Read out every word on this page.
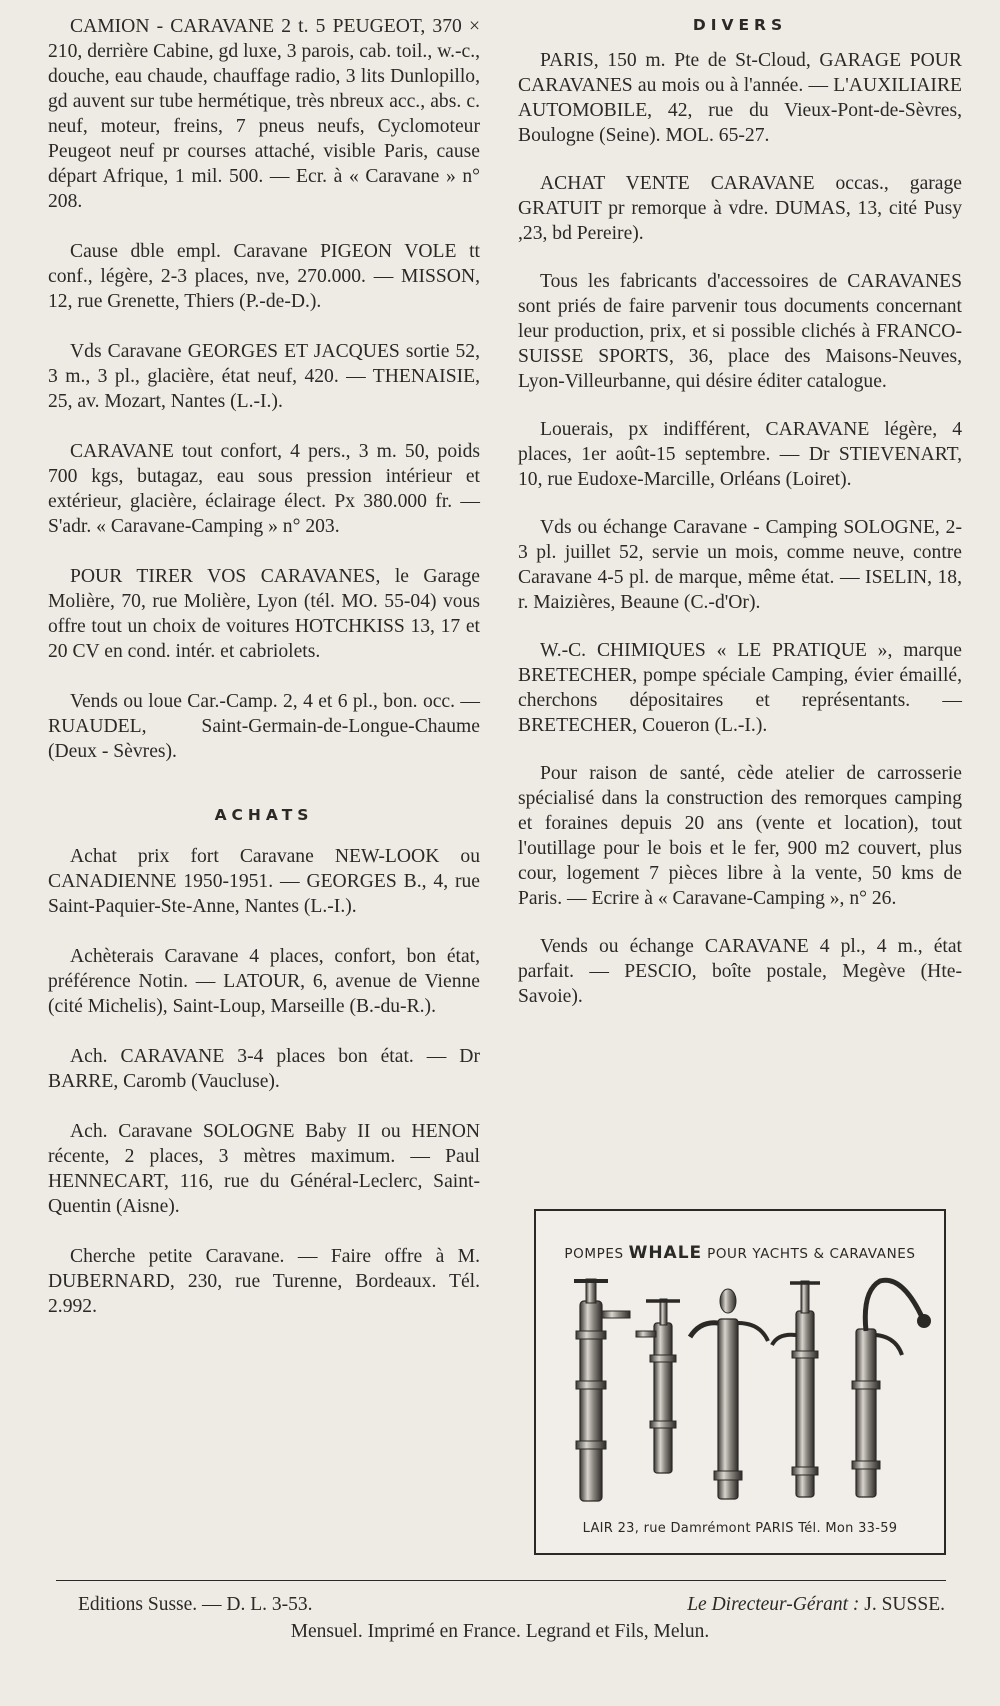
CAMION - CARAVANE 2 t. 5 PEUGEOT, 370 × 210, derrière Cabine, gd luxe, 3 parois, cab. toil., w.-c., douche, eau chaude, chauffage radio, 3 lits Dunlopillo, gd auvent sur tube hermétique, très nbreux acc., abs. c. neuf, moteur, freins, 7 pneus neufs, Cyclomoteur Peugeot neuf pr courses attaché, visible Paris, cause départ Afrique, 1 mil. 500. — Ecr. à « Caravane » n° 208.

Cause dble empl. Caravane PIGEON VOLE tt conf., légère, 2-3 places, nve, 270.000. — MISSON, 12, rue Grenette, Thiers (P.-de-D.).

Vds Caravane GEORGES ET JACQUES sortie 52, 3 m., 3 pl., glacière, état neuf, 420. — THENAISIE, 25, av. Mozart, Nantes (L.-I.).

CARAVANE tout confort, 4 pers., 3 m. 50, poids 700 kgs, butagaz, eau sous pression intérieur et extérieur, glacière, éclairage élect. Px 380.000 fr. — S'adr. « Caravane-Camping » n° 203.

POUR TIRER VOS CARAVANES, le Garage Molière, 70, rue Molière, Lyon (tél. MO. 55-04) vous offre tout un choix de voitures HOTCHKISS 13, 17 et 20 CV en cond. intér. et cabriolets.

Vends ou loue Car.-Camp. 2, 4 et 6 pl., bon. occ. — RUAUDEL, Saint-Germain-de-Longue-Chaume (Deux - Sèvres).

ACHATS

Achat prix fort Caravane NEW-LOOK ou CANADIENNE 1950-1951. — GEORGES B., 4, rue Saint-Paquier-Ste-Anne, Nantes (L.-I.).

Achèterais Caravane 4 places, confort, bon état, préférence Notin. — LATOUR, 6, avenue de Vienne (cité Michelis), Saint-Loup, Marseille (B.-du-R.).

Ach. CARAVANE 3-4 places bon état. — Dr BARRE, Caromb (Vaucluse).

Ach. Caravane SOLOGNE Baby II ou HENON récente, 2 places, 3 mètres maximum. — Paul HENNECART, 116, rue du Général-Leclerc, Saint-Quentin (Aisne).

Cherche petite Caravane. — Faire offre à M. DUBERNARD, 230, rue Turenne, Bordeaux. Tél. 2.992.

DIVERS

PARIS, 150 m. Pte de St-Cloud, GARAGE POUR CARAVANES au mois ou à l'année. — L'AUXILIAIRE AUTOMOBILE, 42, rue du Vieux-Pont-de-Sèvres, Boulogne (Seine). MOL. 65-27.

ACHAT VENTE CARAVANE occas., garage GRATUIT pr remorque à vdre. DUMAS, 13, cité Pusy ,23, bd Pereire).

Tous les fabricants d'accessoires de CARAVANES sont priés de faire parvenir tous documents concernant leur production, prix, et si possible clichés à FRANCO-SUISSE SPORTS, 36, place des Maisons-Neuves, Lyon-Villeurbanne, qui désire éditer catalogue.

Louerais, px indifférent, CARAVANE légère, 4 places, 1er août-15 septembre. — Dr STIEVENART, 10, rue Eudoxe-Marcille, Orléans (Loiret).

Vds ou échange Caravane - Camping SOLOGNE, 2-3 pl. juillet 52, servie un mois, comme neuve, contre Caravane 4-5 pl. de marque, même état. — ISELIN, 18, r. Maizières, Beaune (C.-d'Or).

W.-C. CHIMIQUES « LE PRATIQUE », marque BRETECHER, pompe spéciale Camping, évier émaillé, cherchons dépositaires et représentants. — BRETECHER, Coueron (L.-I.).

Pour raison de santé, cède atelier de carrosserie spécialisé dans la construction des remorques camping et foraines depuis 20 ans (vente et location), tout l'outillage pour le bois et le fer, 900 m2 couvert, plus cour, logement 7 pièces libre à la vente, 50 kms de Paris. — Ecrire à « Caravane-Camping », n° 26.

Vends ou échange CARAVANE 4 pl., 4 m., état parfait. — PESCIO, boîte postale, Megève (Hte-Savoie).

POMPES WHALE POUR YACHTS & CARAVANES
LAIR 23, rue Damrémont PARIS Tél. Mon 33-59
Editions Susse. — D. L. 3-53.	Le Directeur-Gérant : J. SUSSE.
Mensuel. Imprimé en France. Legrand et Fils, Melun.
